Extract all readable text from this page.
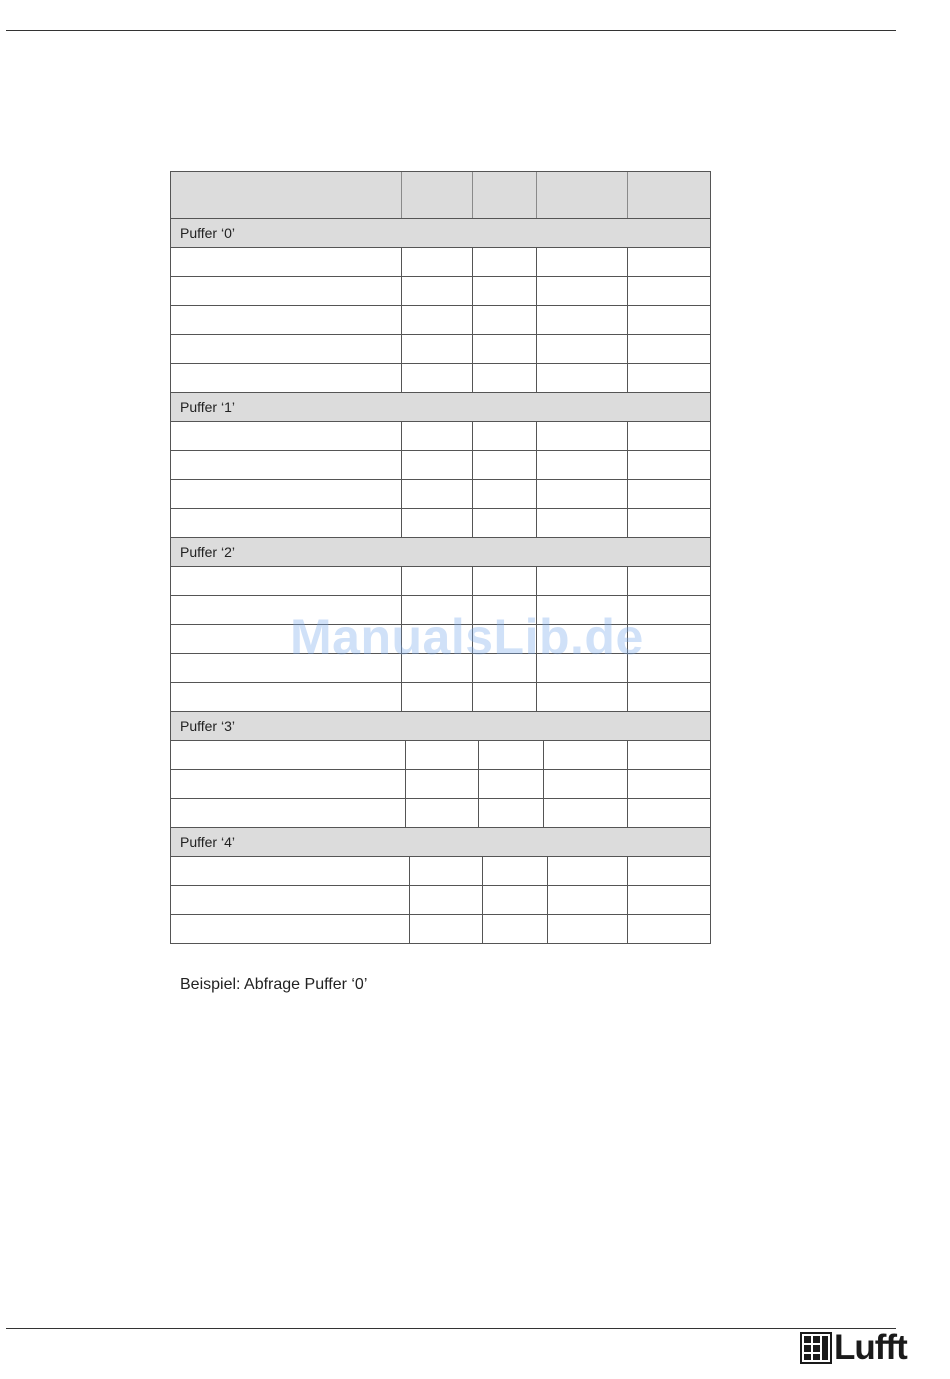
Puffer ‘0’
Puffer ‘1’
Puffer ‘2’
Puffer ‘3’
Puffer ‘4’
Beispiel: Abfrage Puffer ‘0’
ManualsLib.de
Lufft
